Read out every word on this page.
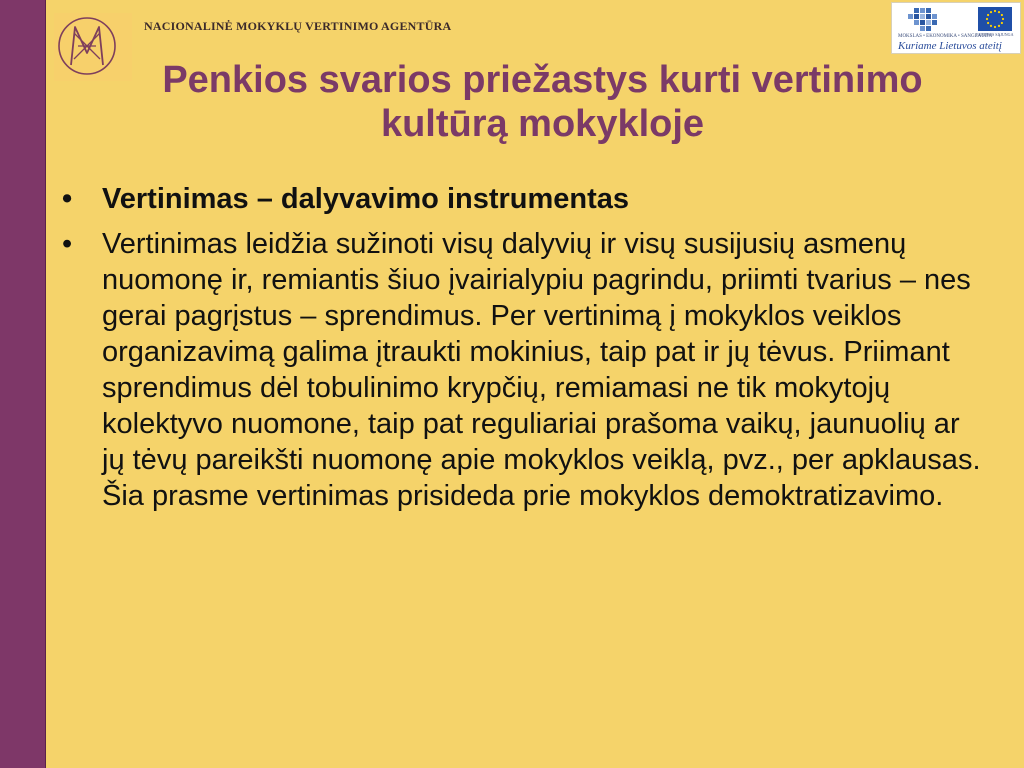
NACIONALINĖ MOKYKLŲ VERTINIMO AGENTŪRA
MOKSLAS • EKONOMIKA • SANGLAUDA
EUROPOS SĄJUNGA
Kuriame Lietuvos ateitį
Penkios svarios priežastys kurti vertinimo kultūrą mokykloje
• Vertinimas – dalyvavimo instrumentas
• Vertinimas leidžia sužinoti visų dalyvių ir visų susijusių asmenų nuomonę ir, remiantis šiuo įvairialypiu pagrindu, priimti tvarius – nes gerai pagrįstus – sprendimus. Per vertinimą į mokyklos veiklos organizavimą galima įtraukti mokinius, taip pat ir jų tėvus. Priimant sprendimus dėl tobulinimo krypčių, remiamasi ne tik mokytojų kolektyvo nuomone, taip pat reguliariai prašoma vaikų, jaunuolių ar jų tėvų pareikšti nuomonę apie mokyklos veiklą, pvz., per apklausas. Šia prasme vertinimas prisideda prie mokyklos demoktratizavimo.
